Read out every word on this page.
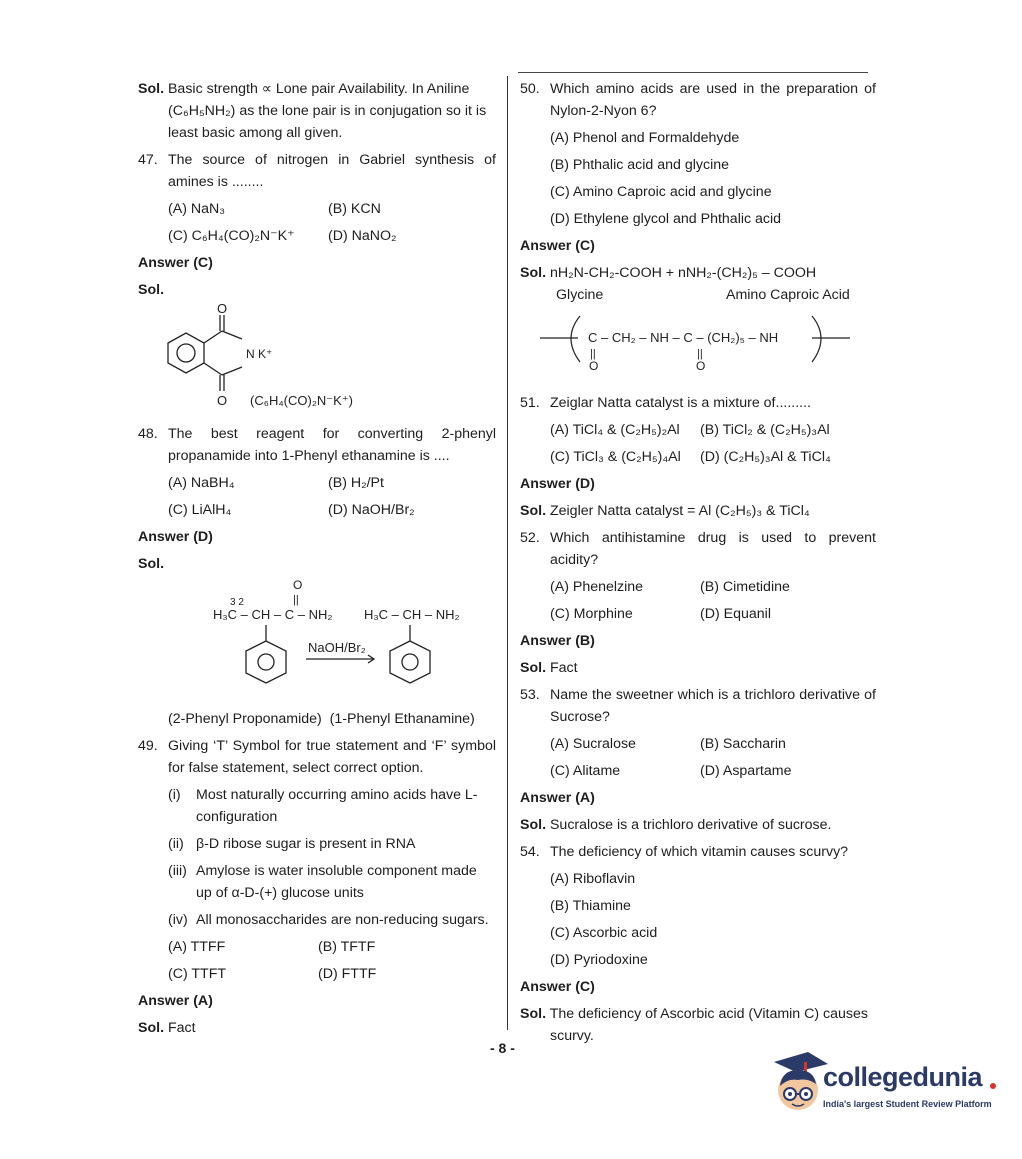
Sol. Basic strength ∝ Lone pair Availability. In Aniline
(C₆H₅NH₂) as the lone pair is in conjugation so it is
least basic among all given.
47. The source of nitrogen in Gabriel synthesis of amines is ........
(A) NaN₃	(B) KCN
(C) C₆H₄(CO)₂N⁻K⁺	(D) NaNO₂
Answer (C)
Sol.
O
N K⁺
O (C₆H₄(CO)₂N⁻K⁺)
48. The best reagent for converting 2-phenyl propanamide into 1-Phenyl ethanamine is ....
(A) NaBH₄	(B) H₂/Pt
(C) LiAlH₄	(D) NaOH/Br₂
Answer (D)
Sol.
O
||
3 2
H₃C – CH – C – NH₂ H₃C – CH – NH₂
NaOH/Br₂
(2-Phenyl Proponamide) (1-Phenyl Ethanamine)
49. Giving ‘T’ Symbol for true statement and ‘F’ symbol for false statement, select correct option.
(i)	Most naturally occurring amino acids have L-configuration
(ii) β-D ribose sugar is present in RNA
(iii) Amylose is water insoluble component made up of α-D-(+) glucose units
(iv) All monosaccharides are non-reducing sugars.
(A) TTFF	(B) TFTF
(C) TTFT	(D) FTTF
Answer (A)
Sol. Fact
50. Which amino acids are used in the preparation of Nylon-2-Nyon 6?
(A) Phenol and Formaldehyde
(B) Phthalic acid and glycine
(C) Amino Caproic acid and glycine
(D) Ethylene glycol and Phthalic acid
Answer (C)
Sol. nH₂N-CH₂-COOH + nNH₂-(CH₂)₅ – COOH
Glycine	Amino Caproic Acid
C – CH₂ – NH – C – (CH₂)₅ – NH
||
O
||
O
51. Zeiglar Natta catalyst is a mixture of.........
(A) TiCl₄ & (C₂H₅)₂Al	(B) TiCl₂ & (C₂H₅)₃Al
(C) TiCl₃ & (C₂H₅)₄Al	(D) (C₂H₅)₃Al & TiCl₄
Answer (D)
Sol. Zeigler Natta catalyst = Al (C₂H₅)₃ & TiCl₄
52. Which antihistamine drug is used to prevent acidity?
(A) Phenelzine	(B) Cimetidine
(C) Morphine	(D) Equanil
Answer (B)
Sol. Fact
53. Name the sweetner which is a trichloro derivative of Sucrose?
(A) Sucralose	(B) Saccharin
(C) Alitame	(D) Aspartame
Answer (A)
Sol. Sucralose is a trichloro derivative of sucrose.
54. The deficiency of which vitamin causes scurvy?
(A) Riboflavin
(B) Thiamine
(C) Ascorbic acid
(D) Pyriodoxine
Answer (C)
Sol. The deficiency of Ascorbic acid (Vitamin C) causes
scurvy.
- 8 -
collegedunia
India's largest Student Review Platform
